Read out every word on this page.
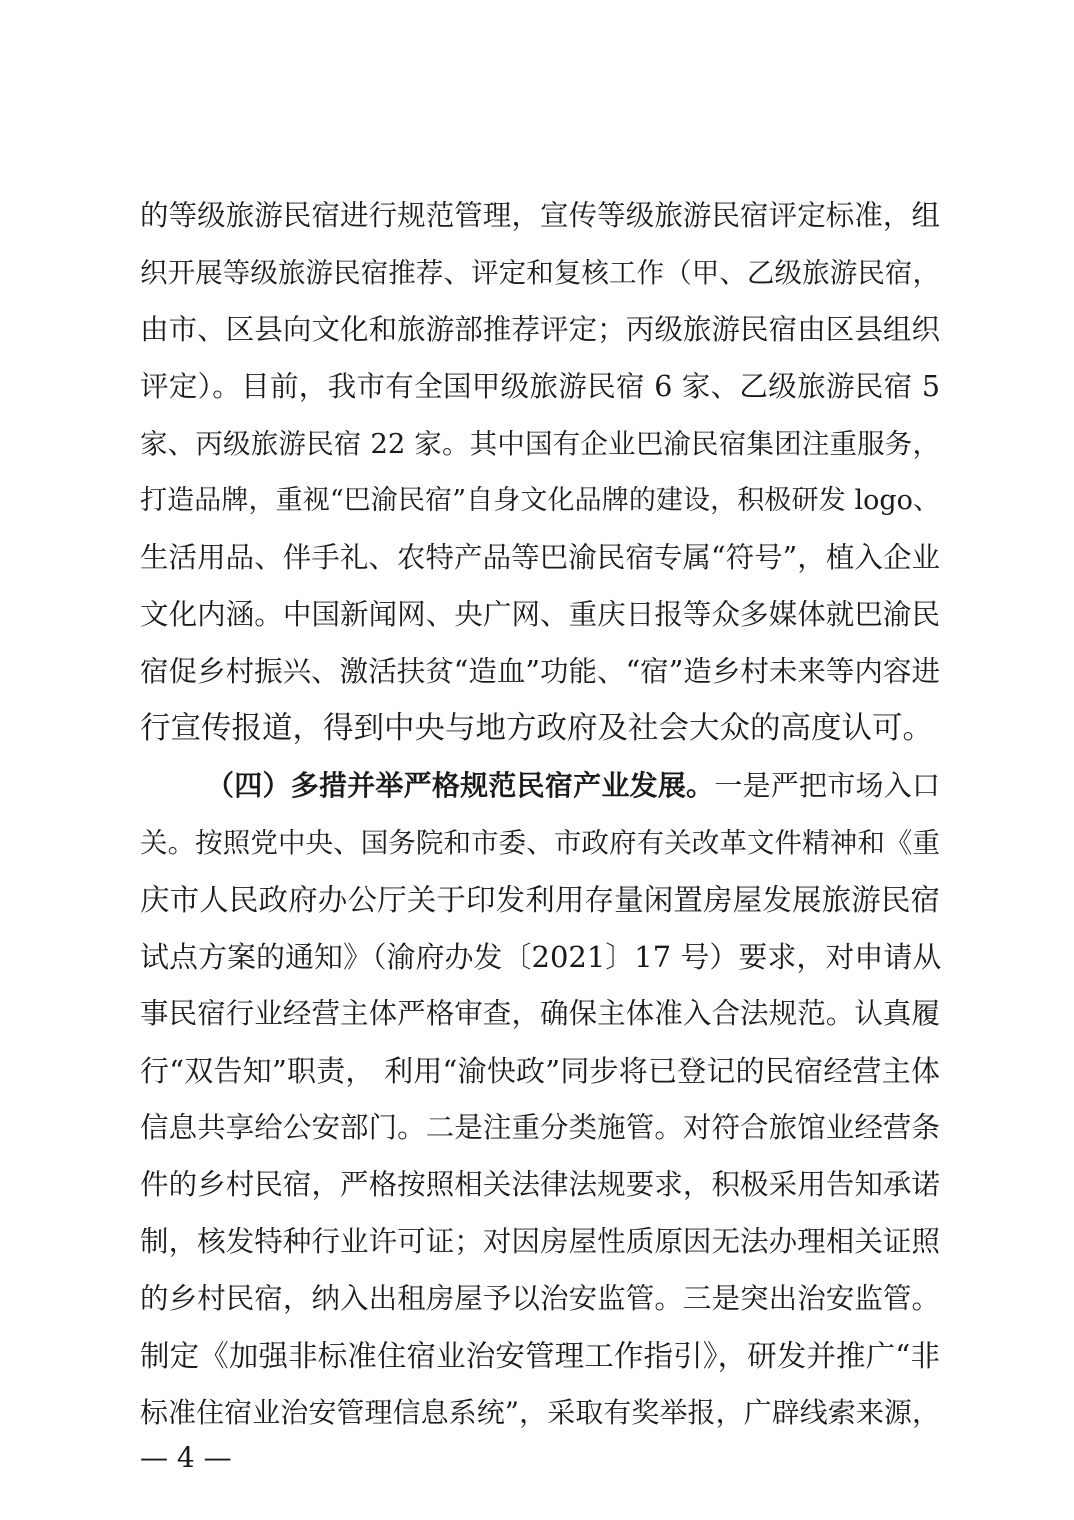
的等级旅游民宿进行规范管理，宣传等级旅游民宿评定标准，组
织开展等级旅游民宿推荐、评定和复核工作（甲、乙级旅游民宿，
由市、区县向文化和旅游部推荐评定；丙级旅游民宿由区县组织
评定）。目前，我市有全国甲级旅游民宿 6 家、乙级旅游民宿 5
家、丙级旅游民宿 22 家。其中国有企业巴渝民宿集团注重服务，
打造品牌，重视“巴渝民宿”自身文化品牌的建设，积极研发 logo、
生活用品、伴手礼、农特产品等巴渝民宿专属“符号”，植入企业
文化内涵。中国新闻网、央广网、重庆日报等众多媒体就巴渝民
宿促乡村振兴、激活扶贫“造血”功能、“宿”造乡村未来等内容进
行宣传报道，得到中央与地方政府及社会大众的高度认可。
（四）多措并举严格规范民宿产业发展。一是严把市场入口
关。按照党中央、国务院和市委、市政府有关改革文件精神和《重
庆市人民政府办公厅关于印发利用存量闲置房屋发展旅游民宿
试点方案的通知》（渝府办发〔2021〕17 号）要求，对申请从
事民宿行业经营主体严格审查，确保主体准入合法规范。认真履
行“双告知”职责， 利用“渝快政”同步将已登记的民宿经营主体
信息共享给公安部门。二是注重分类施管。对符合旅馆业经营条
件的乡村民宿，严格按照相关法律法规要求，积极采用告知承诺
制，核发特种行业许可证；对因房屋性质原因无法办理相关证照
的乡村民宿，纳入出租房屋予以治安监管。三是突出治安监管。
制定《加强非标准住宿业治安管理工作指引》，研发并推广“非
标准住宿业治安管理信息系统”，采取有奖举报，广辟线索来源，
— 4 —
